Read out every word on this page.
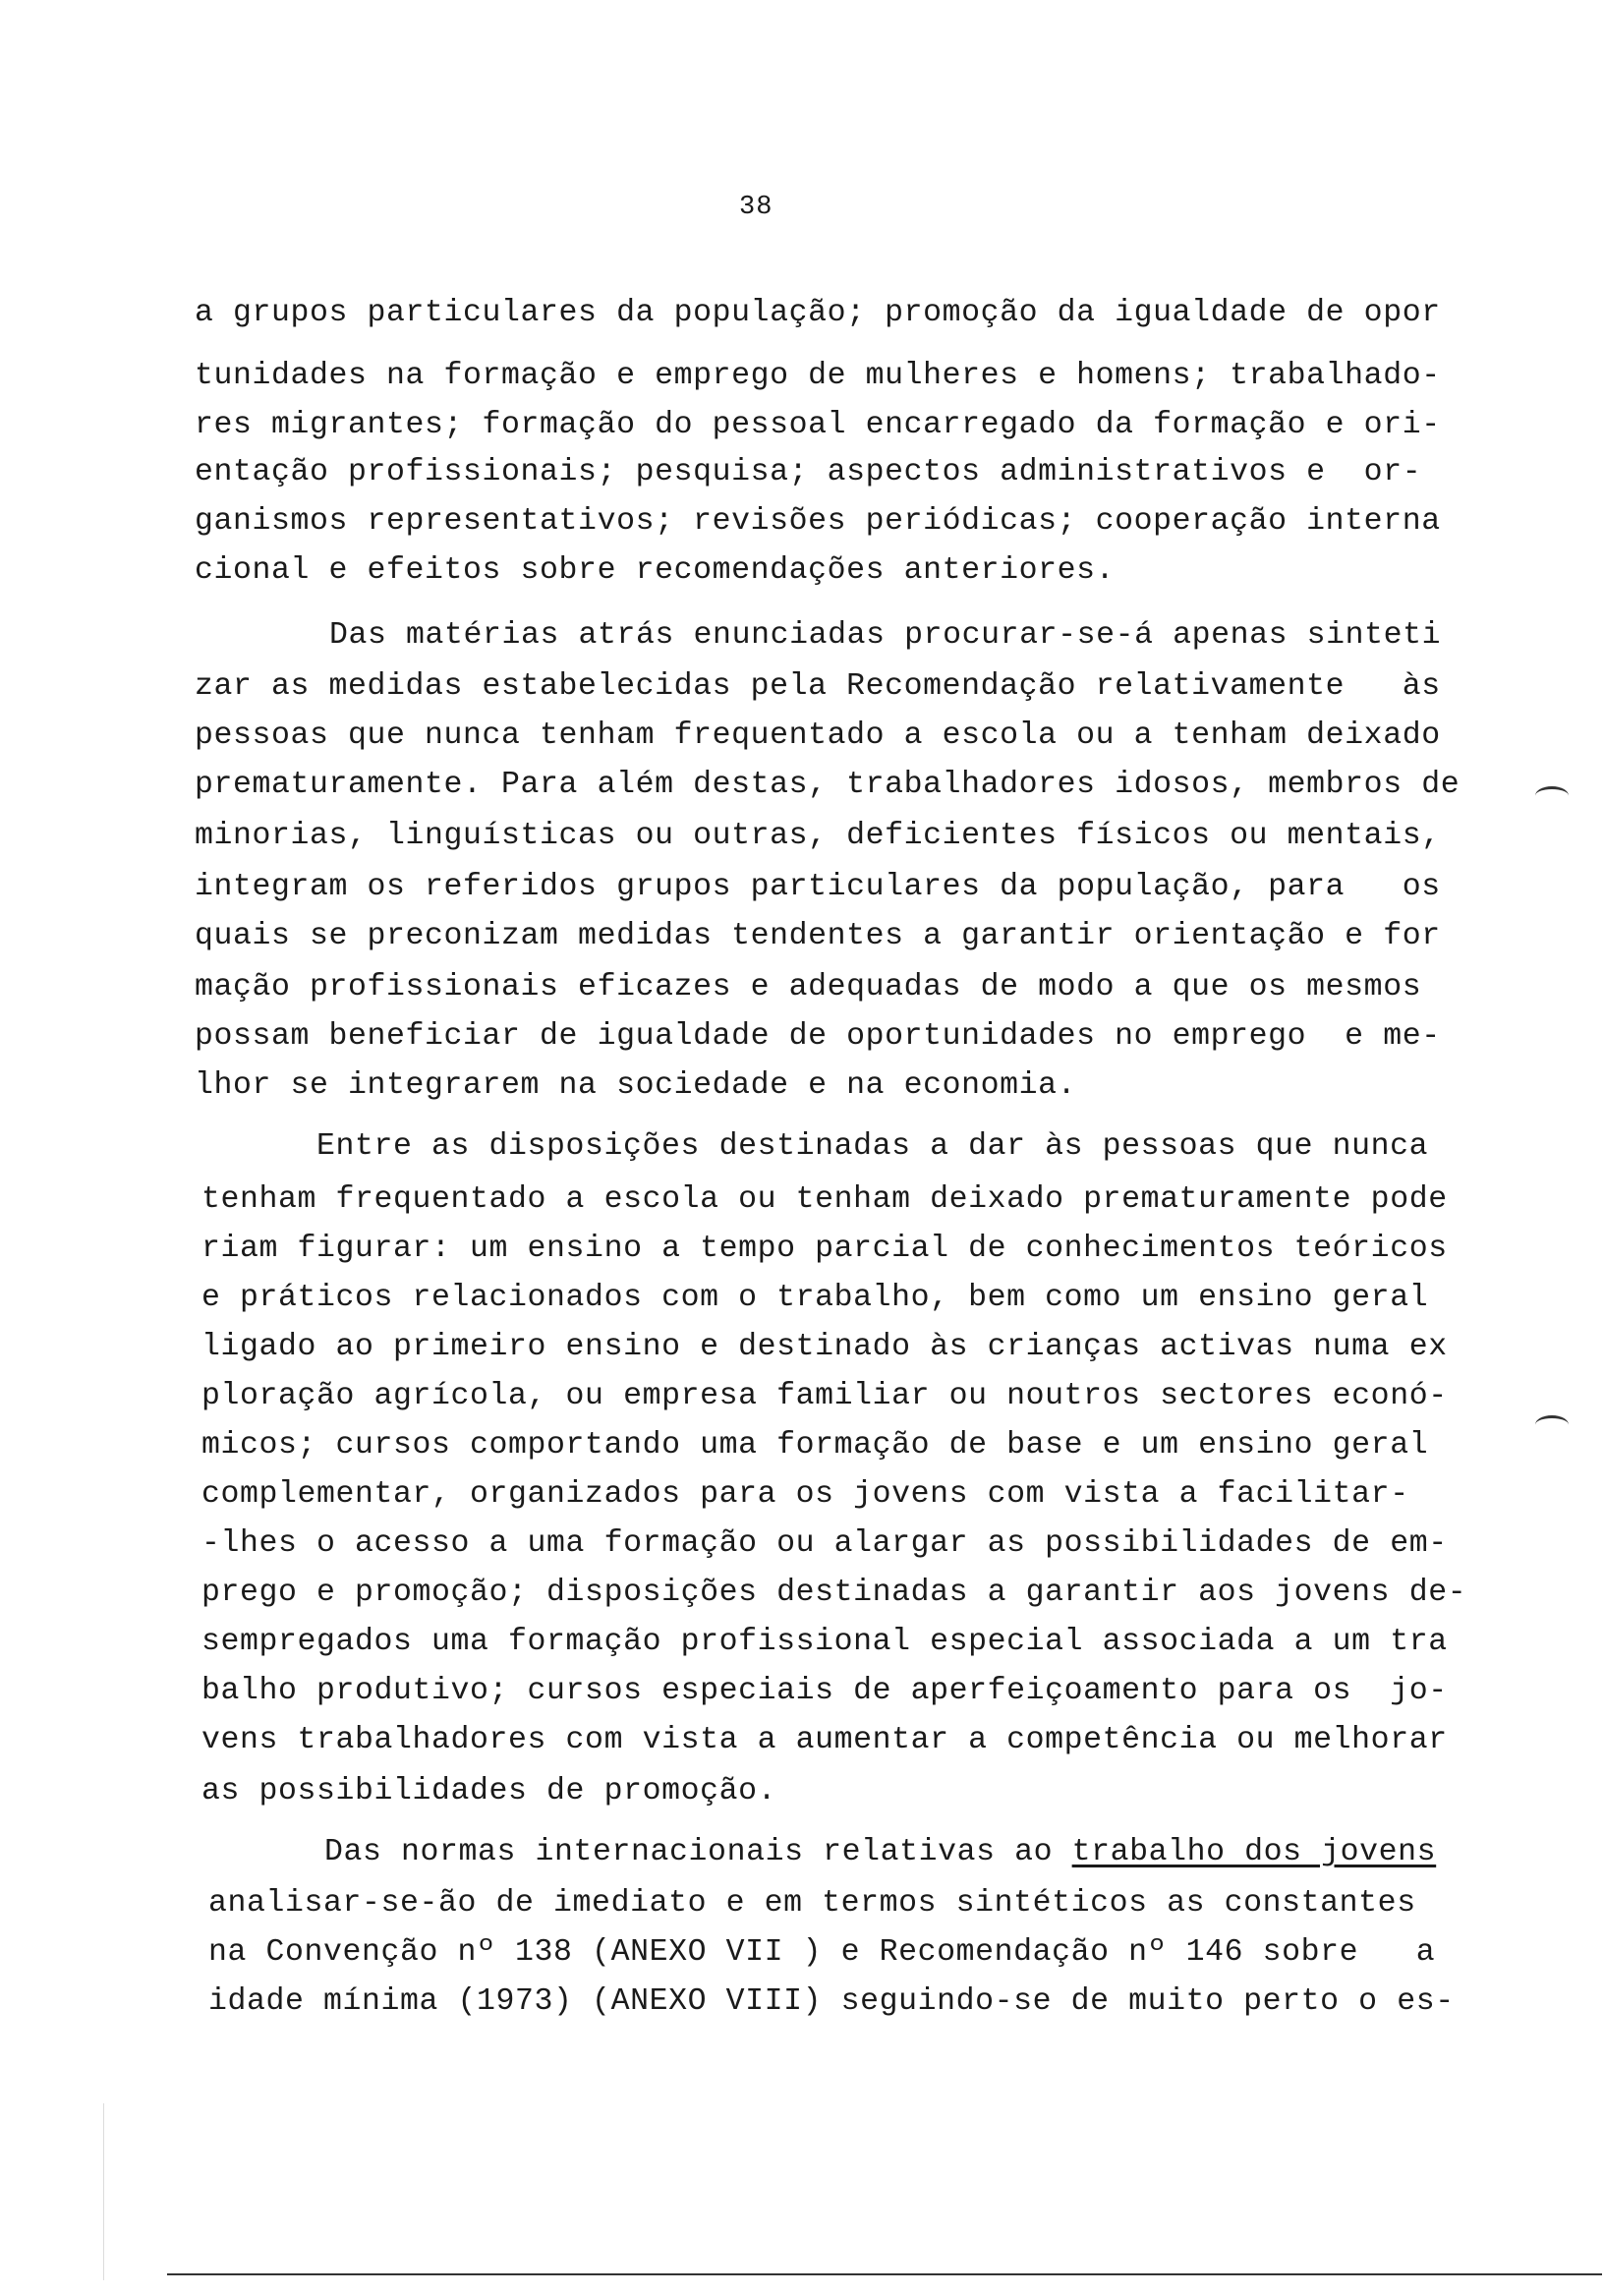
38
a grupos particulares da população; promoção da igualdade de opor
tunidades na formação e emprego de mulheres e homens; trabalhado-
res migrantes; formação do pessoal encarregado da formação e ori-
entação profissionais; pesquisa; aspectos administrativos e  or-
ganismos representativos; revisões periódicas; cooperação interna
cional e efeitos sobre recomendações anteriores.
Das matérias atrás enunciadas procurar-se-á apenas sinteti
zar as medidas estabelecidas pela Recomendação relativamente   às
pessoas que nunca tenham frequentado a escola ou a tenham deixado
prematuramente. Para além destas, trabalhadores idosos, membros de
minorias, linguísticas ou outras, deficientes físicos ou mentais,
integram os referidos grupos particulares da população, para   os
quais se preconizam medidas tendentes a garantir orientação e for
mação profissionais eficazes e adequadas de modo a que os mesmos
possam beneficiar de igualdade de oportunidades no emprego  e me-
lhor se integrarem na sociedade e na economia.
Entre as disposições destinadas a dar às pessoas que nunca
tenham frequentado a escola ou tenham deixado prematuramente pode
riam figurar: um ensino a tempo parcial de conhecimentos teóricos
e práticos relacionados com o trabalho, bem como um ensino geral
ligado ao primeiro ensino e destinado às crianças activas numa ex
ploração agrícola, ou empresa familiar ou noutros sectores econó-
micos; cursos comportando uma formação de base e um ensino geral
complementar, organizados para os jovens com vista a facilitar-
-lhes o acesso a uma formação ou alargar as possibilidades de em-
prego e promoção; disposições destinadas a garantir aos jovens de-
sempregados uma formação profissional especial associada a um tra
balho produtivo; cursos especiais de aperfeiçoamento para os  jo-
vens trabalhadores com vista a aumentar a competência ou melhorar
as possibilidades de promoção.
Das normas internacionais relativas ao trabalho dos jovens
analisar-se-ão de imediato e em termos sintéticos as constantes
na Convenção nº 138 (ANEXO VII ) e Recomendação nº 146 sobre   a
idade mínima (1973) (ANEXO VIII) seguindo-se de muito perto o es-
